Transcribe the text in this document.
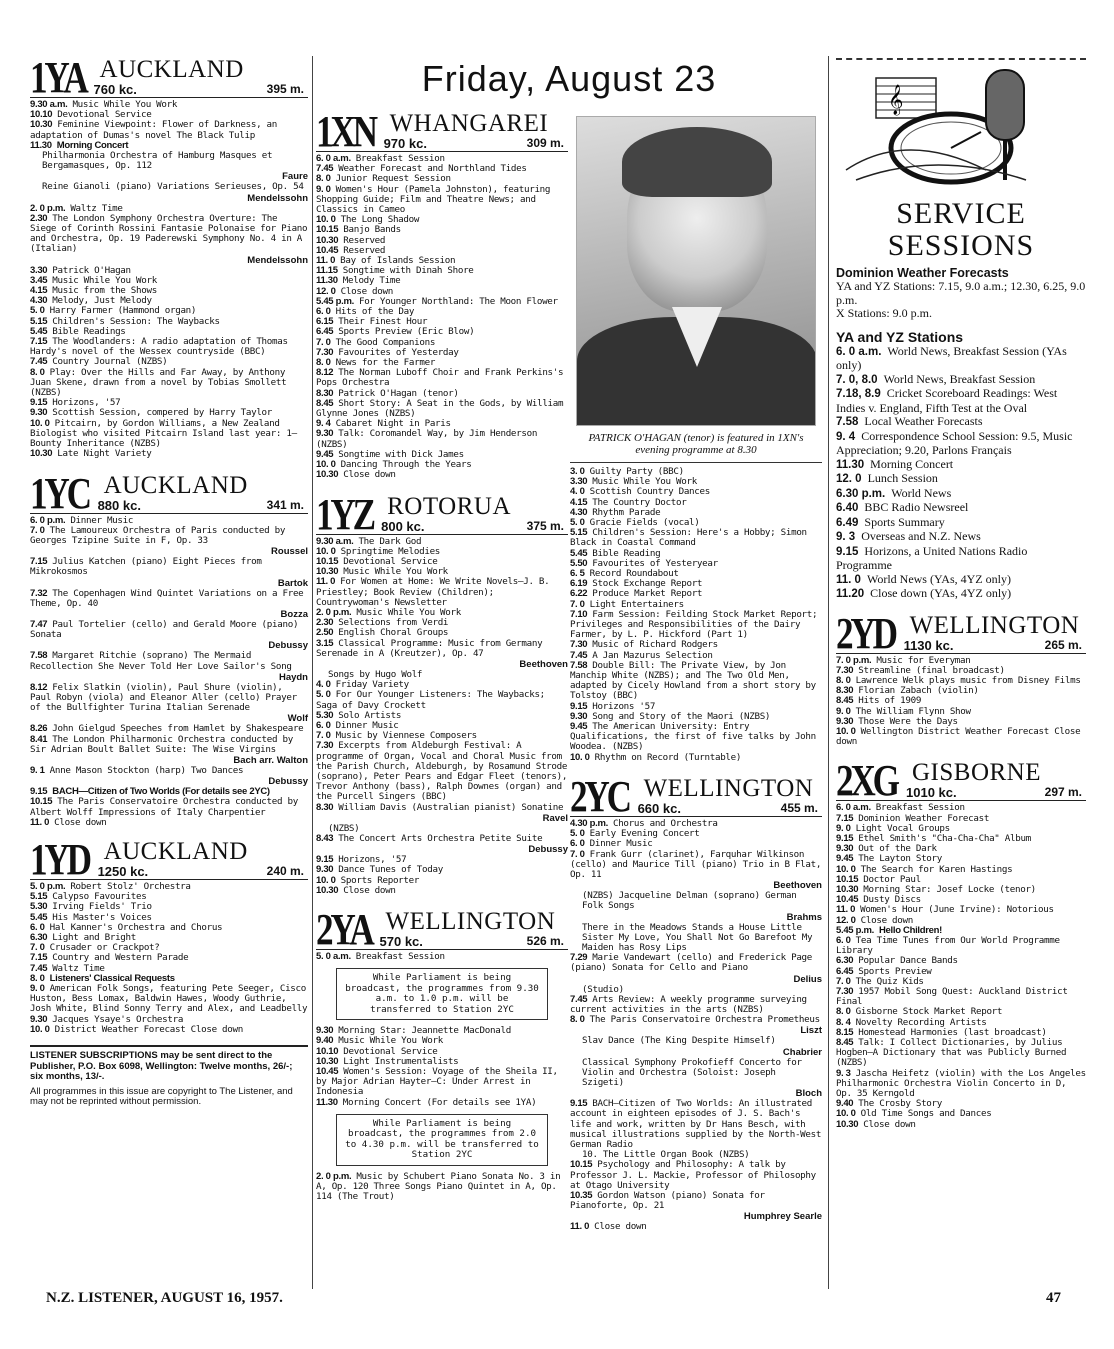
Friday, August 23
1YA AUCKLAND
760 kc.	395 m.
9.30 a.m. Music While You Work
10.10 Devotional Service
10.30 Feminine Viewpoint: Flower of Darkness, an adaptation of Dumas's novel The Black Tulip
11.30 Morning Concert
Philharmonia Orchestra of Hamburg Masques et Bergamasques, Op. 112
Faure
Reine Gianoli (piano) Variations Serieuses, Op. 54
Mendelssohn
2. 0 p.m. Waltz Time
2.30 The London Symphony Orchestra Overture: The Siege of Corinth Rossini Fantasie Polonaise for Piano and Orchestra, Op. 19 Paderewski Symphony No. 4 in A (Italian)
Mendelssohn
3.30 Patrick O'Hagan
3.45 Music While You Work
4.15 Music from the Shows
4.30 Melody, Just Melody
5. 0 Harry Farmer (Hammond organ)
5.15 Children's Session: The Waybacks
5.45 Bible Readings
7.15 The Woodlanders: A radio adaptation of Thomas Hardy's novel of the Wessex countryside (BBC)
7.45 Country Journal (NZBS)
8. 0 Play: Over the Hills and Far Away, by Anthony Juan Skene, drawn from a novel by Tobias Smollett (NZBS)
9.15 Horizons, '57
9.30 Scottish Session, compered by Harry Taylor
10. 0 Pitcairn, by Gordon Williams, a New Zealand Biologist who visited Pitcairn Island last year: 1—Bounty Inheritance (NZBS)
10.30 Late Night Variety
1YC AUCKLAND
880 kc.	341 m.
6. 0 p.m. Dinner Music
7. 0 The Lamoureux Orchestra of Paris conducted by Georges Tzipine Suite in F, Op. 33
Roussel
7.15 Julius Katchen (piano) Eight Pieces from Mikrokosmos
Bartok
7.32 The Copenhagen Wind Quintet Variations on a Free Theme, Op. 40
Bozza
7.47 Paul Tortelier (cello) and Gerald Moore (piano) Sonata
Debussy
7.58 Margaret Ritchie (soprano) The Mermaid Recollection She Never Told Her Love Sailor's Song
Haydn
8.12 Felix Slatkin (violin), Paul Shure (violin), Paul Robyn (viola) and Eleanor Aller (cello) Prayer of the Bullfighter Turina Italian Serenade
Wolf
8.26 John Gielgud Speeches from Hamlet by Shakespeare
8.41 The London Philharmonic Orchestra conducted by Sir Adrian Boult Ballet Suite: The Wise Virgins
Bach arr. Walton
9. 1 Anne Mason Stockton (harp) Two Dances
Debussy
9.15 BACH—Citizen of Two Worlds (For details see 2YC)
10.15 The Paris Conservatoire Orchestra conducted by Albert Wolff Impressions of Italy Charpentier
11. 0 Close down
1YD AUCKLAND
1250 kc.	240 m.
5. 0 p.m. Robert Stolz' Orchestra
5.15 Calypso Favourites
5.30 Irving Fields' Trio
5.45 His Master's Voices
6. 0 Hal Kanner's Orchestra and Chorus
6.30 Light and Bright
7. 0 Crusader or Crackpot?
7.15 Country and Western Parade
7.45 Waltz Time
8. 0 Listeners' Classical Requests
9. 0 American Folk Songs, featuring Pete Seeger, Cisco Huston, Bess Lomax, Baldwin Hawes, Woody Guthrie, Josh White, Blind Sonny Terry and Alex, and Leadbelly
9.30 Jacques Ysaye's Orchestra
10. 0 District Weather Forecast Close down
LISTENER SUBSCRIPTIONS may be sent direct to the Publisher, P.O. Box 6098, Wellington: Twelve months, 26/-; six months, 13/-.
All programmes in this issue are copyright to The Listener, and may not be reprinted without permission.
1XN WHANGAREI
970 kc.	309 m.
6. 0 a.m. Breakfast Session
7.45 Weather Forecast and Northland Tides
8. 0 Junior Request Session
9. 0 Women's Hour (Pamela Johnston), featuring Shopping Guide; Film and Theatre News; and Classics in Cameo
10. 0 The Long Shadow
10.15 Banjo Bands
10.30 Reserved
10.45 Reserved
11. 0 Bay of Islands Session
11.15 Songtime with Dinah Shore
11.30 Melody Time
12. 0 Close down
5.45 p.m. For Younger Northland: The Moon Flower
6. 0 Hits of the Day
6.15 Their Finest Hour
6.45 Sports Preview (Eric Blow)
7. 0 The Good Companions
7.30 Favourites of Yesterday
8. 0 News for the Farmer
8.12 The Norman Luboff Choir and Frank Perkins's Pops Orchestra
8.30 Patrick O'Hagan (tenor)
8.45 Short Story: A Seat in the Gods, by William Glynne Jones (NZBS)
9. 4 Cabaret Night in Paris
9.30 Talk: Coromandel Way, by Jim Henderson (NZBS)
9.45 Songtime with Dick James
10. 0 Dancing Through the Years
10.30 Close down
1YZ ROTORUA
800 kc.	375 m.
9.30 a.m. The Dark God
10. 0 Springtime Melodies
10.15 Devotional Service
10.30 Music While You Work
11. 0 For Women at Home: We Write Novels—J. B. Priestley; Book Review (Children); Countrywoman's Newsletter
2. 0 p.m. Music While You Work
2.30 Selections from Verdi
2.50 English Choral Groups
3.15 Classical Programme: Music from Germany Serenade in A (Kreutzer), Op. 47
Beethoven
Songs by Hugo Wolf
4. 0 Friday Variety
5. 0 For Our Younger Listeners: The Waybacks; Saga of Davy Crockett
5.30 Solo Artists
6. 0 Dinner Music
7. 0 Music by Viennese Composers
7.30 Excerpts from Aldeburgh Festival: A programme of Organ, Vocal and Choral Music from the Parish Church, Aldeburgh, by Rosamund Strode (soprano), Peter Pears and Edgar Fleet (tenors), Trevor Anthony (bass), Ralph Downes (organ) and the Purcell Singers (BBC)
8.30 William Davis (Australian pianist) Sonatine
Ravel
(NZBS)
8.43 The Concert Arts Orchestra Petite Suite
Debussy
9.15 Horizons, '57
9.30 Dance Tunes of Today
10. 0 Sports Reporter
10.30 Close down
2YA WELLINGTON
570 kc.	526 m.
5. 0 a.m. Breakfast Session
While Parliament is being broadcast, the programmes from 9.30 a.m. to 1.0 p.m. will be transferred to Station 2YC
9.30 Morning Star: Jeannette MacDonald
9.40 Music While You Work
10.10 Devotional Service
10.30 Light Instrumentalists
10.45 Women's Session: Voyage of the Sheila II, by Major Adrian Hayter—C: Under Arrest in Indonesia
11.30 Morning Concert (For details see 1YA)
While Parliament is being broadcast, the programmes from 2.0 to 4.30 p.m. will be transferred to Station 2YC
2. 0 p.m. Music by Schubert Piano Sonata No. 3 in A, Op. 120 Three Songs Piano Quintet in A, Op. 114 (The Trout)
PATRICK O'HAGAN (tenor) is featured in 1XN's evening programme at 8.30
3. 0 Guilty Party (BBC)
3.30 Music While You Work
4. 0 Scottish Country Dances
4.15 The Country Doctor
4.30 Rhythm Parade
5. 0 Gracie Fields (vocal)
5.15 Children's Session: Here's a Hobby; Simon Black in Coastal Command
5.45 Bible Reading
5.50 Favourites of Yesteryear
6. 5 Record Roundabout
6.19 Stock Exchange Report
6.22 Produce Market Report
7. 0 Light Entertainers
7.10 Farm Session: Feilding Stock Market Report; Privileges and Responsibilities of the Dairy Farmer, by L. P. Hickford (Part 1)
7.30 Music of Richard Rodgers
7.45 A Jan Mazurus Selection
7.58 Double Bill: The Private View, by Jon Manchip White (NZBS); and The Two Old Men, adapted by Cicely Howland from a short story by Tolstoy (BBC)
9.15 Horizons '57
9.30 Song and Story of the Maori (NZBS)
9.45 The American University: Entry Qualifications, the first of five talks by John Woodea. (NZBS)
10. 0 Rhythm on Record (Turntable)
2YC WELLINGTON
660 kc.	455 m.
4.30 p.m. Chorus and Orchestra
5. 0 Early Evening Concert
6. 0 Dinner Music
7. 0 Frank Gurr (clarinet), Farquhar Wilkinson (cello) and Maurice Till (piano) Trio in B Flat, Op. 11
Beethoven
(NZBS) Jacqueline Delman (soprano) German Folk Songs
Brahms
There in the Meadows Stands a House Little Sister My Love, You Shall Not Go Barefoot My Maiden has Rosy Lips
7.29 Marie Vandewart (cello) and Frederick Page (piano) Sonata for Cello and Piano
Delius
(Studio)
7.45 Arts Review: A weekly programme surveying current activities in the arts (NZBS)
8. 0 The Paris Conservatoire Orchestra Prometheus
Liszt
Slav Dance (The King Despite Himself)
Chabrier
Classical Symphony Prokofieff Concerto for Violin and Orchestra (Soloist: Joseph Szigeti)
Bloch
9.15 BACH—Citizen of Two Worlds: An illustrated account in eighteen episodes of J. S. Bach's life and work, written by Dr Hans Besch, with musical illustrations supplied by the North-West German Radio
10. The Little Organ Book (NZBS)
10.15 Psychology and Philosophy: A talk by Professor J. L. Mackie, Professor of Philosophy at Otago University
10.35 Gordon Watson (piano) Sonata for Pianoforte, Op. 21
Humphrey Searle
11. 0 Close down
𝄞
SERVICE
SESSIONS
Dominion Weather Forecasts
YA and YZ Stations: 7.15, 9.0 a.m.; 12.30, 6.25, 9.0 p.m.
X Stations: 9.0 p.m.
YA and YZ Stations
6. 0 a.m. World News, Breakfast Session (YAs only)
7. 0, 8.0 World News, Breakfast Session
7.18, 8.9 Cricket Scoreboard Readings: West Indies v. England, Fifth Test at the Oval
7.58 Local Weather Forecasts
9. 4 Correspondence School Session: 9.5, Music Appreciation; 9.20, Parlons Français
11.30 Morning Concert
12. 0 Lunch Session
6.30 p.m. World News
6.40 BBC Radio Newsreel
6.49 Sports Summary
9. 3 Overseas and N.Z. News
9.15 Horizons, a United Nations Radio Programme
11. 0 World News (YAs, 4YZ only)
11.20 Close down (YAs, 4YZ only)
2YD WELLINGTON
1130 kc.	265 m.
7. 0 p.m. Music for Everyman
7.30 Streamline (final broadcast)
8. 0 Lawrence Welk plays music from Disney Films
8.30 Florian Zabach (violin)
8.45 Hits of 1909
9. 0 The William Flynn Show
9.30 Those Were the Days
10. 0 Wellington District Weather Forecast Close down
2XG GISBORNE
1010 kc.	297 m.
6. 0 a.m. Breakfast Session
7.15 Dominion Weather Forecast
9. 0 Light Vocal Groups
9.15 Ethel Smith's "Cha-Cha-Cha" Album
9.30 Out of the Dark
9.45 The Layton Story
10. 0 The Search for Karen Hastings
10.15 Doctor Paul
10.30 Morning Star: Josef Locke (tenor)
10.45 Dusty Discs
11. 0 Women's Hour (June Irvine): Notorious
12. 0 Close down
5.45 p.m. Hello Children!
6. 0 Tea Time Tunes from Our World Programme Library
6.30 Popular Dance Bands
6.45 Sports Preview
7. 0 The Quiz Kids
7.30 1957 Mobil Song Quest: Auckland District Final
8. 0 Gisborne Stock Market Report
8. 4 Novelty Recording Artists
8.15 Homestead Harmonies (last broadcast)
8.45 Talk: I Collect Dictionaries, by Julius Hogben—A Dictionary that was Publicly Burned (NZBS)
9. 3 Jascha Heifetz (violin) with the Los Angeles Philharmonic Orchestra Violin Concerto in D, Op. 35 Kerngold
9.40 The Crosby Story
10. 0 Old Time Songs and Dances
10.30 Close down
N.Z. LISTENER, AUGUST 16, 1957.	47
